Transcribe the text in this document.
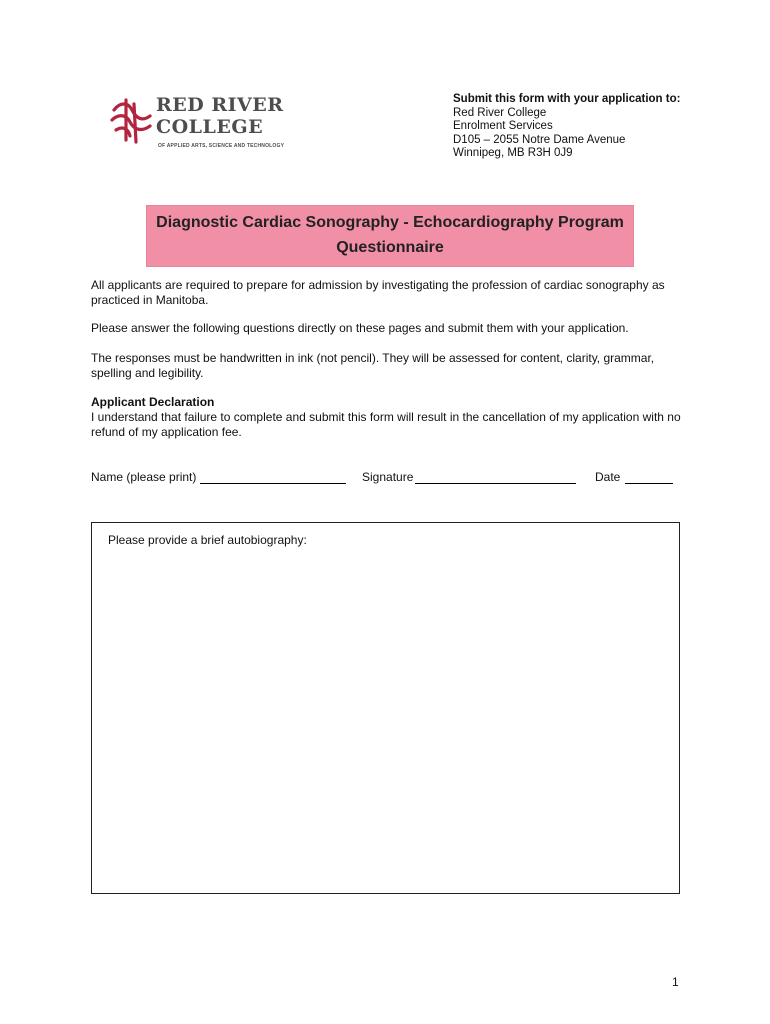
RED RIVER
COLLEGE
OF APPLIED ARTS, SCIENCE AND TECHNOLOGY
Submit this form with your application to:
Red River College
Enrolment Services
D105 – 2055 Notre Dame Avenue
Winnipeg, MB R3H 0J9
Diagnostic Cardiac Sonography - Echocardiography Program
Questionnaire
All applicants are required to prepare for admission by investigating the profession of cardiac sonography as practiced in Manitoba.
Please answer the following questions directly on these pages and submit them with your application.
The responses must be handwritten in ink (not pencil). They will be assessed for content, clarity, grammar, spelling and legibility.
Applicant Declaration
I understand that failure to complete and submit this form will result in the cancellation of my application with no refund of my application fee.
Name (please print)	Signature	Date
Please provide a brief autobiography:
1
